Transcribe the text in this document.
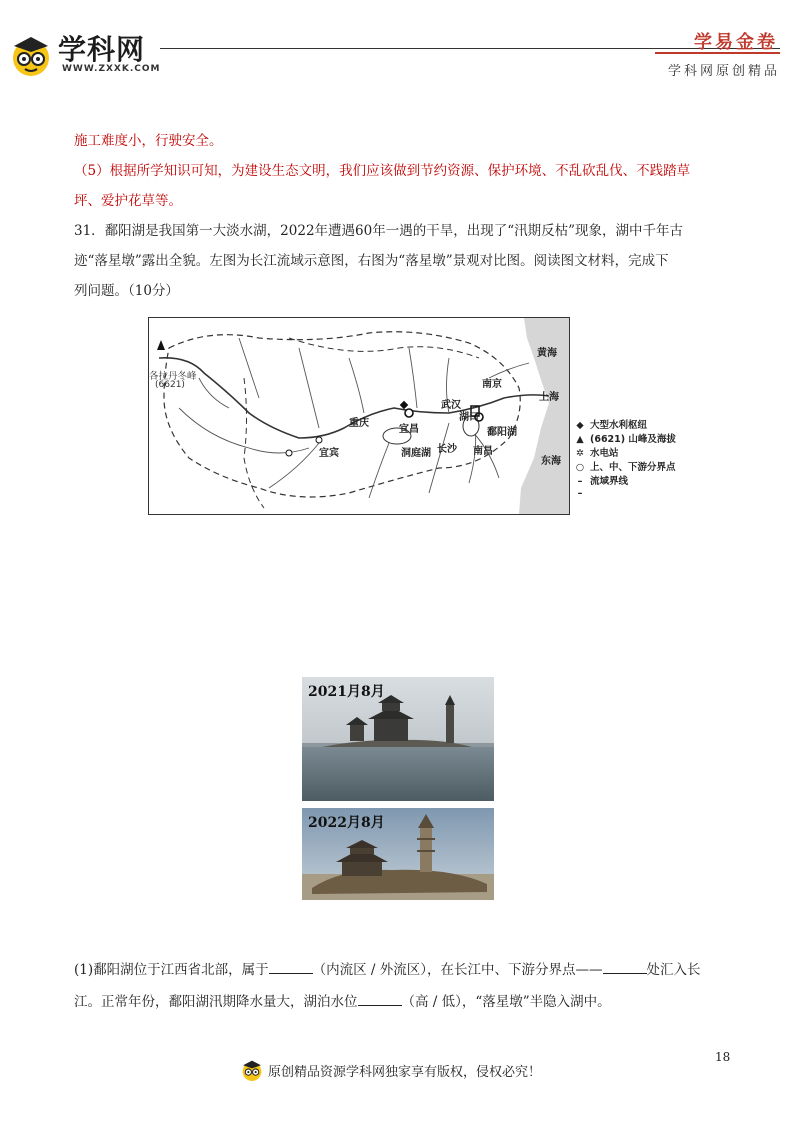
学科网
WWW.ZXXK.COM
学易金卷
学科网原创精品
施工难度小，行驶安全。
（5）根据所学知识可知，为建设生态文明，我们应该做到节约资源、保护环境、不乱砍乱伐、不践踏草
坪、爱护花草等。
31．鄱阳湖是我国第一大淡水湖，2022年遭遇60年一遇的干旱，出现了“汛期反枯”现象，湖中千年古
迹“落星墩”露出全貌。左图为长江流域示意图，右图为“落星墩”景观对比图。阅读图文材料，完成下
列问题。（10分）
各拉丹冬峰
(6621)
黄海
南京
上海
武汉
湖口
鄱阳湖
重庆
宜昌
宜宾	洞庭湖 长沙 南昌
东海
◆ 大型水利枢纽
▲ (6621) 山峰及海拔
✲ 水电站
○ 上、中、下游分界点
– –
流域界线
2021月8月
2022月8月
(1)鄱阳湖位于江西省北部，属于	（内流区 / 外流区），在长江中、下游分界点——	处汇入长
江。正常年份，鄱阳湖汛期降水量大，湖泊水位	（高 / 低），“落星墩”半隐入湖中。
18
原创精品资源学科网独家享有版权，侵权必究！
